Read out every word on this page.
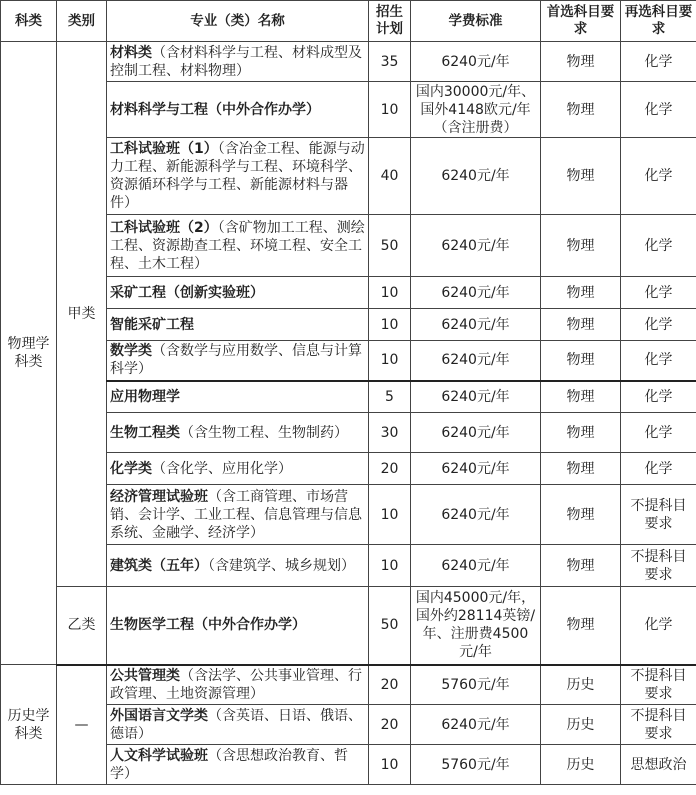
科类	类别	专业（类）名称	招生计划	学费标准	首选科目要求	再选科目要求
物理学科类	甲类	材料类（含材料科学与工程、材料成型及控制工程、材料物理）	35	6240元/年	物理	化学
		材料科学与工程（中外合作办学）	10	国内30000元/年、国外4148欧元/年（含注册费）	物理	化学
		工科试验班（1）（含冶金工程、能源与动力工程、新能源科学与工程、环境科学、资源循环科学与工程、新能源材料与器件）	40	6240元/年	物理	化学
		工科试验班（2）（含矿物加工工程、测绘工程、资源勘查工程、环境工程、安全工程、土木工程）	50	6240元/年	物理	化学
		采矿工程（创新实验班）	10	6240元/年	物理	化学
		智能采矿工程	10	6240元/年	物理	化学
		数学类（含数学与应用数学、信息与计算科学）	10	6240元/年	物理	化学
		应用物理学	5	6240元/年	物理	化学
		生物工程类（含生物工程、生物制药）	30	6240元/年	物理	化学
		化学类（含化学、应用化学）	20	6240元/年	物理	化学
		经济管理试验班（含工商管理、市场营销、会计学、工业工程、信息管理与信息系统、金融学、经济学）	10	6240元/年	物理	不提科目要求
		建筑类（五年）（含建筑学、城乡规划）	10	6240元/年	物理	不提科目要求
	乙类	生物医学工程（中外合作办学）	50	国内45000元/年，国外约28114英镑/年、注册费4500元/年	物理	化学
历史学科类	—	公共管理类（含法学、公共事业管理、行政管理、土地资源管理）	20	5760元/年	历史	不提科目要求
		外国语言文学类（含英语、日语、俄语、德语）	20	6240元/年	历史	不提科目要求
		人文科学试验班（含思想政治教育、哲学）	10	5760元/年	历史	思想政治
